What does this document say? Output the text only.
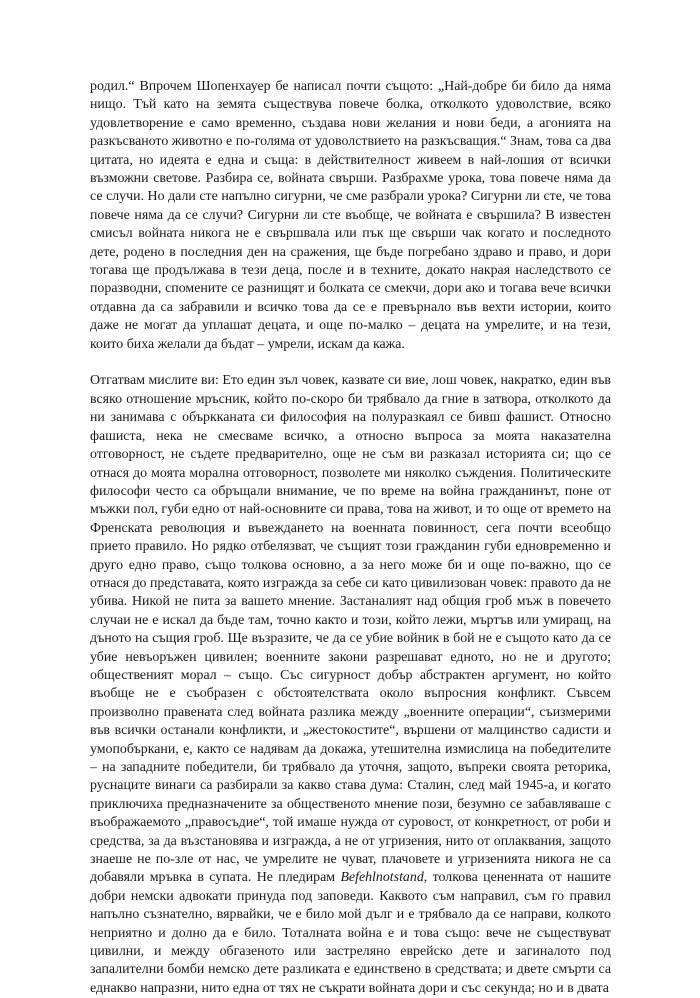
родил.“ Впрочем Шопенхауер бе написал почти същото: „Най-добре би било да няма нищо. Тъй като на земята съществува повече болка, отколкото удоволствие, всяко удовлетворение е само временно, създава нови желания и нови беди, а агонията на разкъсваното животно е по-голяма от удоволствието на разкъсващия.“ Знам, това са два цитата, но идеята е една и съща: в действителност живеем в най-лошия от всички възможни светове. Разбира се, войната свърши. Разбрахме урока, това повече няма да се случи. Но дали сте напълно сигурни, че сме разбрали урока? Сигурни ли сте, че това повече няма да се случи? Сигурни ли сте въобще, че войната е свършила? В известен смисъл войната никога не е свършвала или пък ще свърши чак когато и последното дете, родено в последния ден на сражения, ще бъде погребано здраво и право, и дори тогава ще продължава в тези деца, после и в техните, докато накрая наследството се поразводни, спомените се разнищят и болката се смекчи, дори ако и тогава вече всички отдавна да са забравили и всичко това да се е превърнало във вехти истории, които даже не могат да уплашат децата, и още по-малко – децата на умрелите, и на тези, които биха желали да бъдат – умрели, искам да кажа.

Отгатвам мислите ви: Ето един зъл човек, казвате си вие, лош човек, накратко, един във всяко отношение мръсник, който по-скоро би трябвало да гние в затвора, отколкото да ни занимава с объркканата си философия на полуразкаял се бивш фашист. Относно фашиста, нека не смесваме всичко, а относно въпроса за моята наказателна отговорност, не съдете предварително, още не съм ви разказал историята си; що се отнася до моята морална отговорност, позволете ми няколко съждения. Политическите философи често са обръщали внимание, че по време на война гражданинът, поне от мъжки пол, губи едно от най-основните си права, това на живот, и то още от времето на Френската революция и въвеждането на военната повинност, сега почти всеобщо прието правило. Но рядко отбелязват, че същият този гражданин губи едновременно и друго едно право, също толкова основно, а за него може би и още по-важно, що се отнася до представата, която изгражда за себе си като цивилизован човек: правото да не убива. Никой не пита за вашето мнение. Застаналият над общия гроб мъж в повечето случаи не е искал да бъде там, точно както и този, който лежи, мъртъв или умиращ, на дъното на същия гроб. Ще възразите, че да се убие войник в бой не е същото като да се убие невъоръжен цивилен; военните закони разрешават едното, но не и другото; общественият морал – също. Със сигурност добър абстрактен аргумент, но който въобще не е съобразен с обстоятелствата около въпросния конфликт. Съвсем произволно правената след войната разлика между „военните операции“, съизмерими във всички останали конфликти, и „жестокостите“, вършени от малцинство садисти и умопобъркани, е, както се надявам да докажа, утешителна измислица на победителите – на западните победители, би трябвало да уточня, защото, въпреки своята реторика, руснаците винаги са разбирали за какво става дума: Сталин, след май 1945-а, и когато приключиха предназначените за общественото мнение пози, безумно се забавляваше с въображаемото „правосъдие“, той имаше нужда от суровост, от конкретност, от роби и средства, за да възстановява и изгражда, а не от угризения, нито от оплаквания, защото знаеше не по-зле от нас, че умрелите не чуват, плачовете и угризенията никога не са добавяли мръвка в супата. Не пледирам Befehlnotstand, толкова цененната от нашите добри немски адвокати принуда под заповеди. Каквото съм направил, съм го правил напълно съзнателно, вярвайки, че е било мой дълг и е трябвало да се направи, колкото неприятно и долно да е било. Тоталната война е и това също: вече не съществуват цивилни, и между обгазеното или застреляно еврейско дете и загиналото под запалителни бомби немско дете разликата е единствено в средствата; и двете смърти са еднакво напразни, нито една от тях не съкрати войната дори и със секунда; но и в двата
